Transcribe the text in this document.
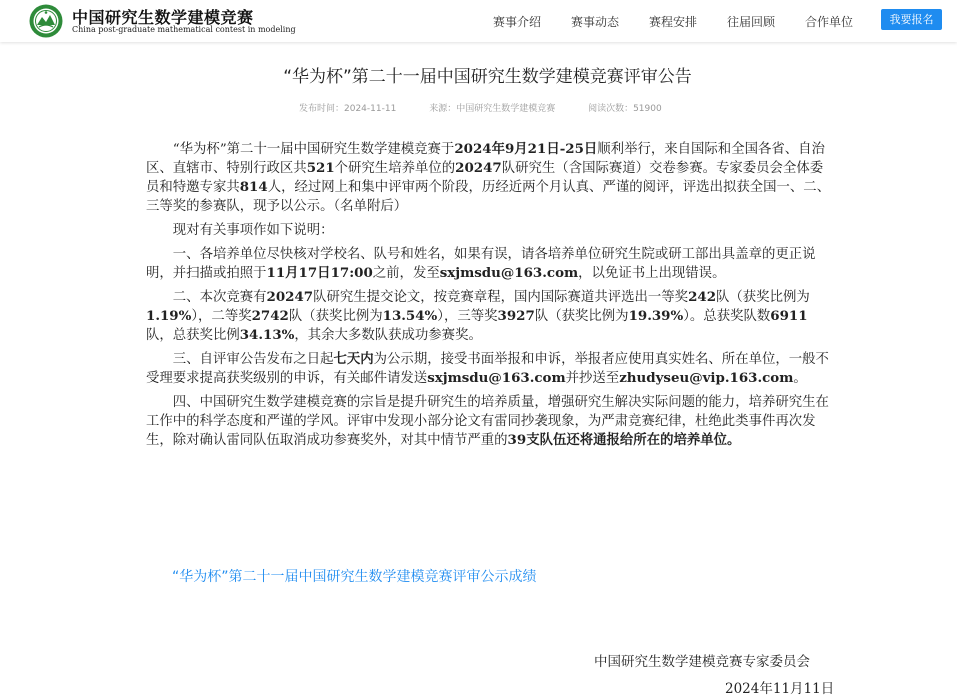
中国研究生数学建模竞赛
China post-graduate mathematical contest in modeling
赛事介绍 赛事动态 赛程安排 往届回顾 合作单位	我要报名
“华为杯”第二十一届中国研究生数学建模竞赛评审公告
发布时间：2024-11-11	来源：中国研究生数学建模竞赛	阅读次数：51900

“华为杯”第二十一届中国研究生数学建模竞赛于2024年9月21日-25日顺利举行，来自国际和全国各省、自治区、直辖市、特别行政区共521个研究生培养单位的20247队研究生（含国际赛道）交卷参赛。专家委员会全体委员和特邀专家共814人，经过网上和集中评审两个阶段，历经近两个月认真、严谨的阅评，评选出拟获全国一、二、三等奖的参赛队，现予以公示。（名单附后）

现对有关事项作如下说明：

一、各培养单位尽快核对学校名、队号和姓名，如果有误，请各培养单位研究生院或研工部出具盖章的更正说明，并扫描或拍照于11月17日17:00之前，发至sxjmsdu@163.com，以免证书上出现错误。

二、本次竞赛有20247队研究生提交论文，按竞赛章程，国内国际赛道共评选出一等奖242队（获奖比例为1.19%），二等奖2742队（获奖比例为13.54%），三等奖3927队（获奖比例为19.39%）。总获奖队数6911队，总获奖比例34.13%，其余大多数队获成功参赛奖。

三、自评审公告发布之日起七天内为公示期，接受书面举报和申诉，举报者应使用真实姓名、所在单位，一般不受理要求提高获奖级别的申诉，有关邮件请发送sxjmsdu@163.com并抄送至zhudyseu@vip.163.com。

四、中国研究生数学建模竞赛的宗旨是提升研究生的培养质量，增强研究生解决实际问题的能力，培养研究生在工作中的科学态度和严谨的学风。评审中发现小部分论文有雷同抄袭现象，为严肃竞赛纪律，杜绝此类事件再次发生，除对确认雷同队伍取消成功参赛奖外，对其中情节严重的39支队伍还将通报给所在的培养单位。

“华为杯”第二十一届中国研究生数学建模竞赛评审公示成绩
中国研究生数学建模竞赛专家委员会
2024年11月11日
